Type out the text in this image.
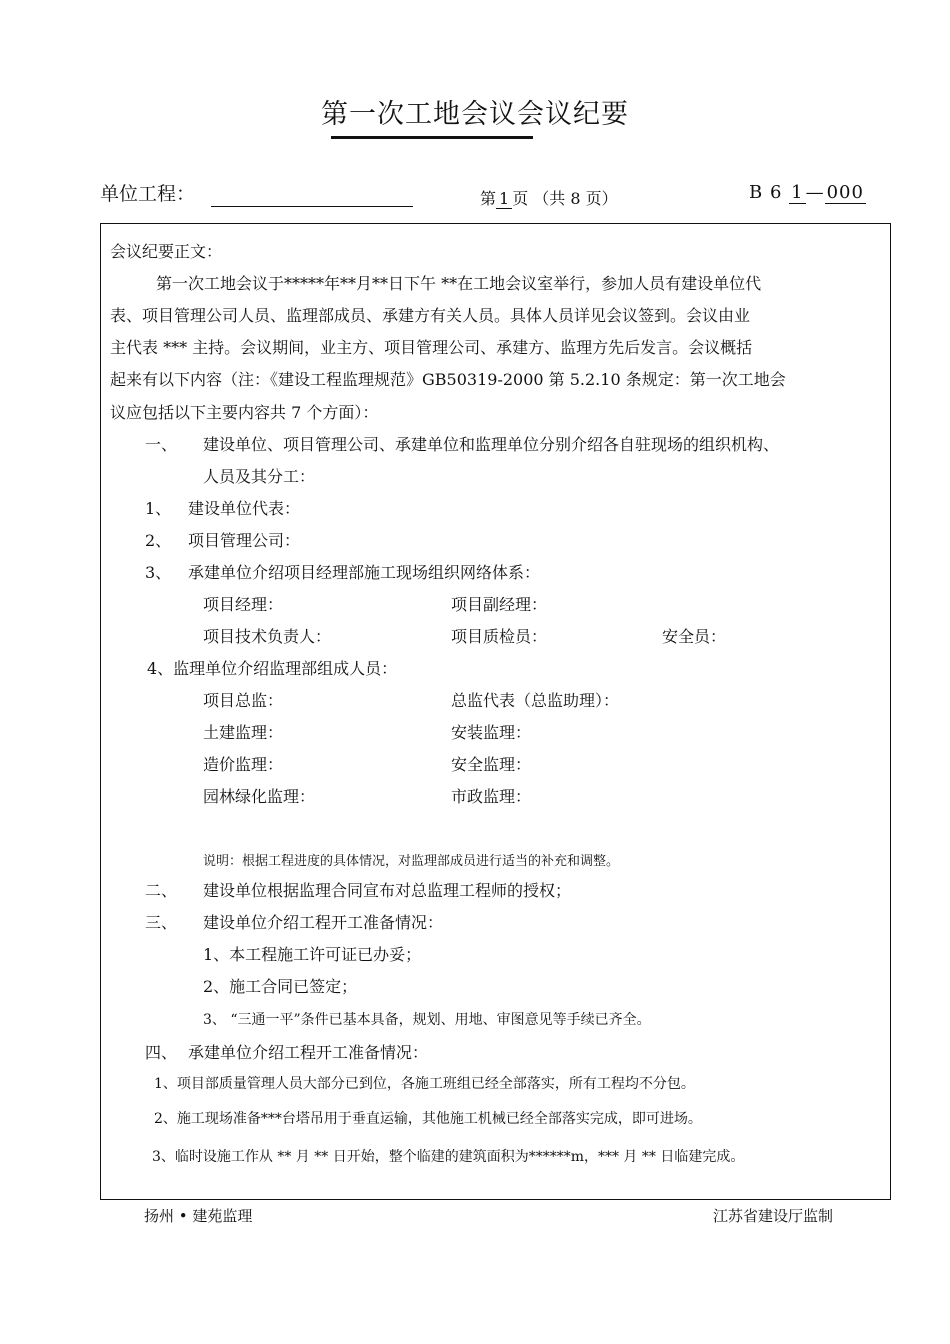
第一次工地会议会议纪要
单位工程：	第 1 页 （共 8 页）	B 6 1 — 000
会议纪要正文：
第一次工地会议于*****年**月**日下午 **在工地会议室举行，参加人员有建设单位代
表、项目管理公司人员、监理部成员、承建方有关人员。具体人员详见会议签到。会议由业
主代表 *** 主持。会议期间，业主方、项目管理公司、承建方、监理方先后发言。会议概括
起来有以下内容（注：《建设工程监理规范》GB50319-2000 第 5.2.10 条规定：第一次工地会
议应包括以下主要内容共 7 个方面）：
一、 建设单位、项目管理公司、承建单位和监理单位分别介绍各自驻现场的组织机构、
人员及其分工：
1、 建设单位代表：
2、 项目管理公司：
3、 承建单位介绍项目经理部施工现场组织网络体系：
项目经理：	项目副经理：
项目技术负责人：	项目质检员：	安全员：
4、监理单位介绍监理部组成人员：
项目总监：	总监代表（总监助理）：
土建监理：	安装监理：
造价监理：	安全监理：
园林绿化监理：	市政监理：
说明：根据工程进度的具体情况，对监理部成员进行适当的补充和调整。
二、 建设单位根据监理合同宣布对总监理工程师的授权；
三、 建设单位介绍工程开工准备情况：
1、本工程施工许可证已办妥；
2、施工合同已签定；
3、 “三通一平”条件已基本具备，规划、用地、审图意见等手续已齐全。
四、 承建单位介绍工程开工准备情况：
1、项目部质量管理人员大部分已到位，各施工班组已经全部落实，所有工程均不分包。
2、施工现场准备***台塔吊用于垂直运输，其他施工机械已经全部落实完成，即可进场。
3、临时设施工作从 ** 月 ** 日开始，整个临建的建筑面积为******m，*** 月 ** 日临建完成。
扬州 • 建苑监理	江苏省建设厅监制
